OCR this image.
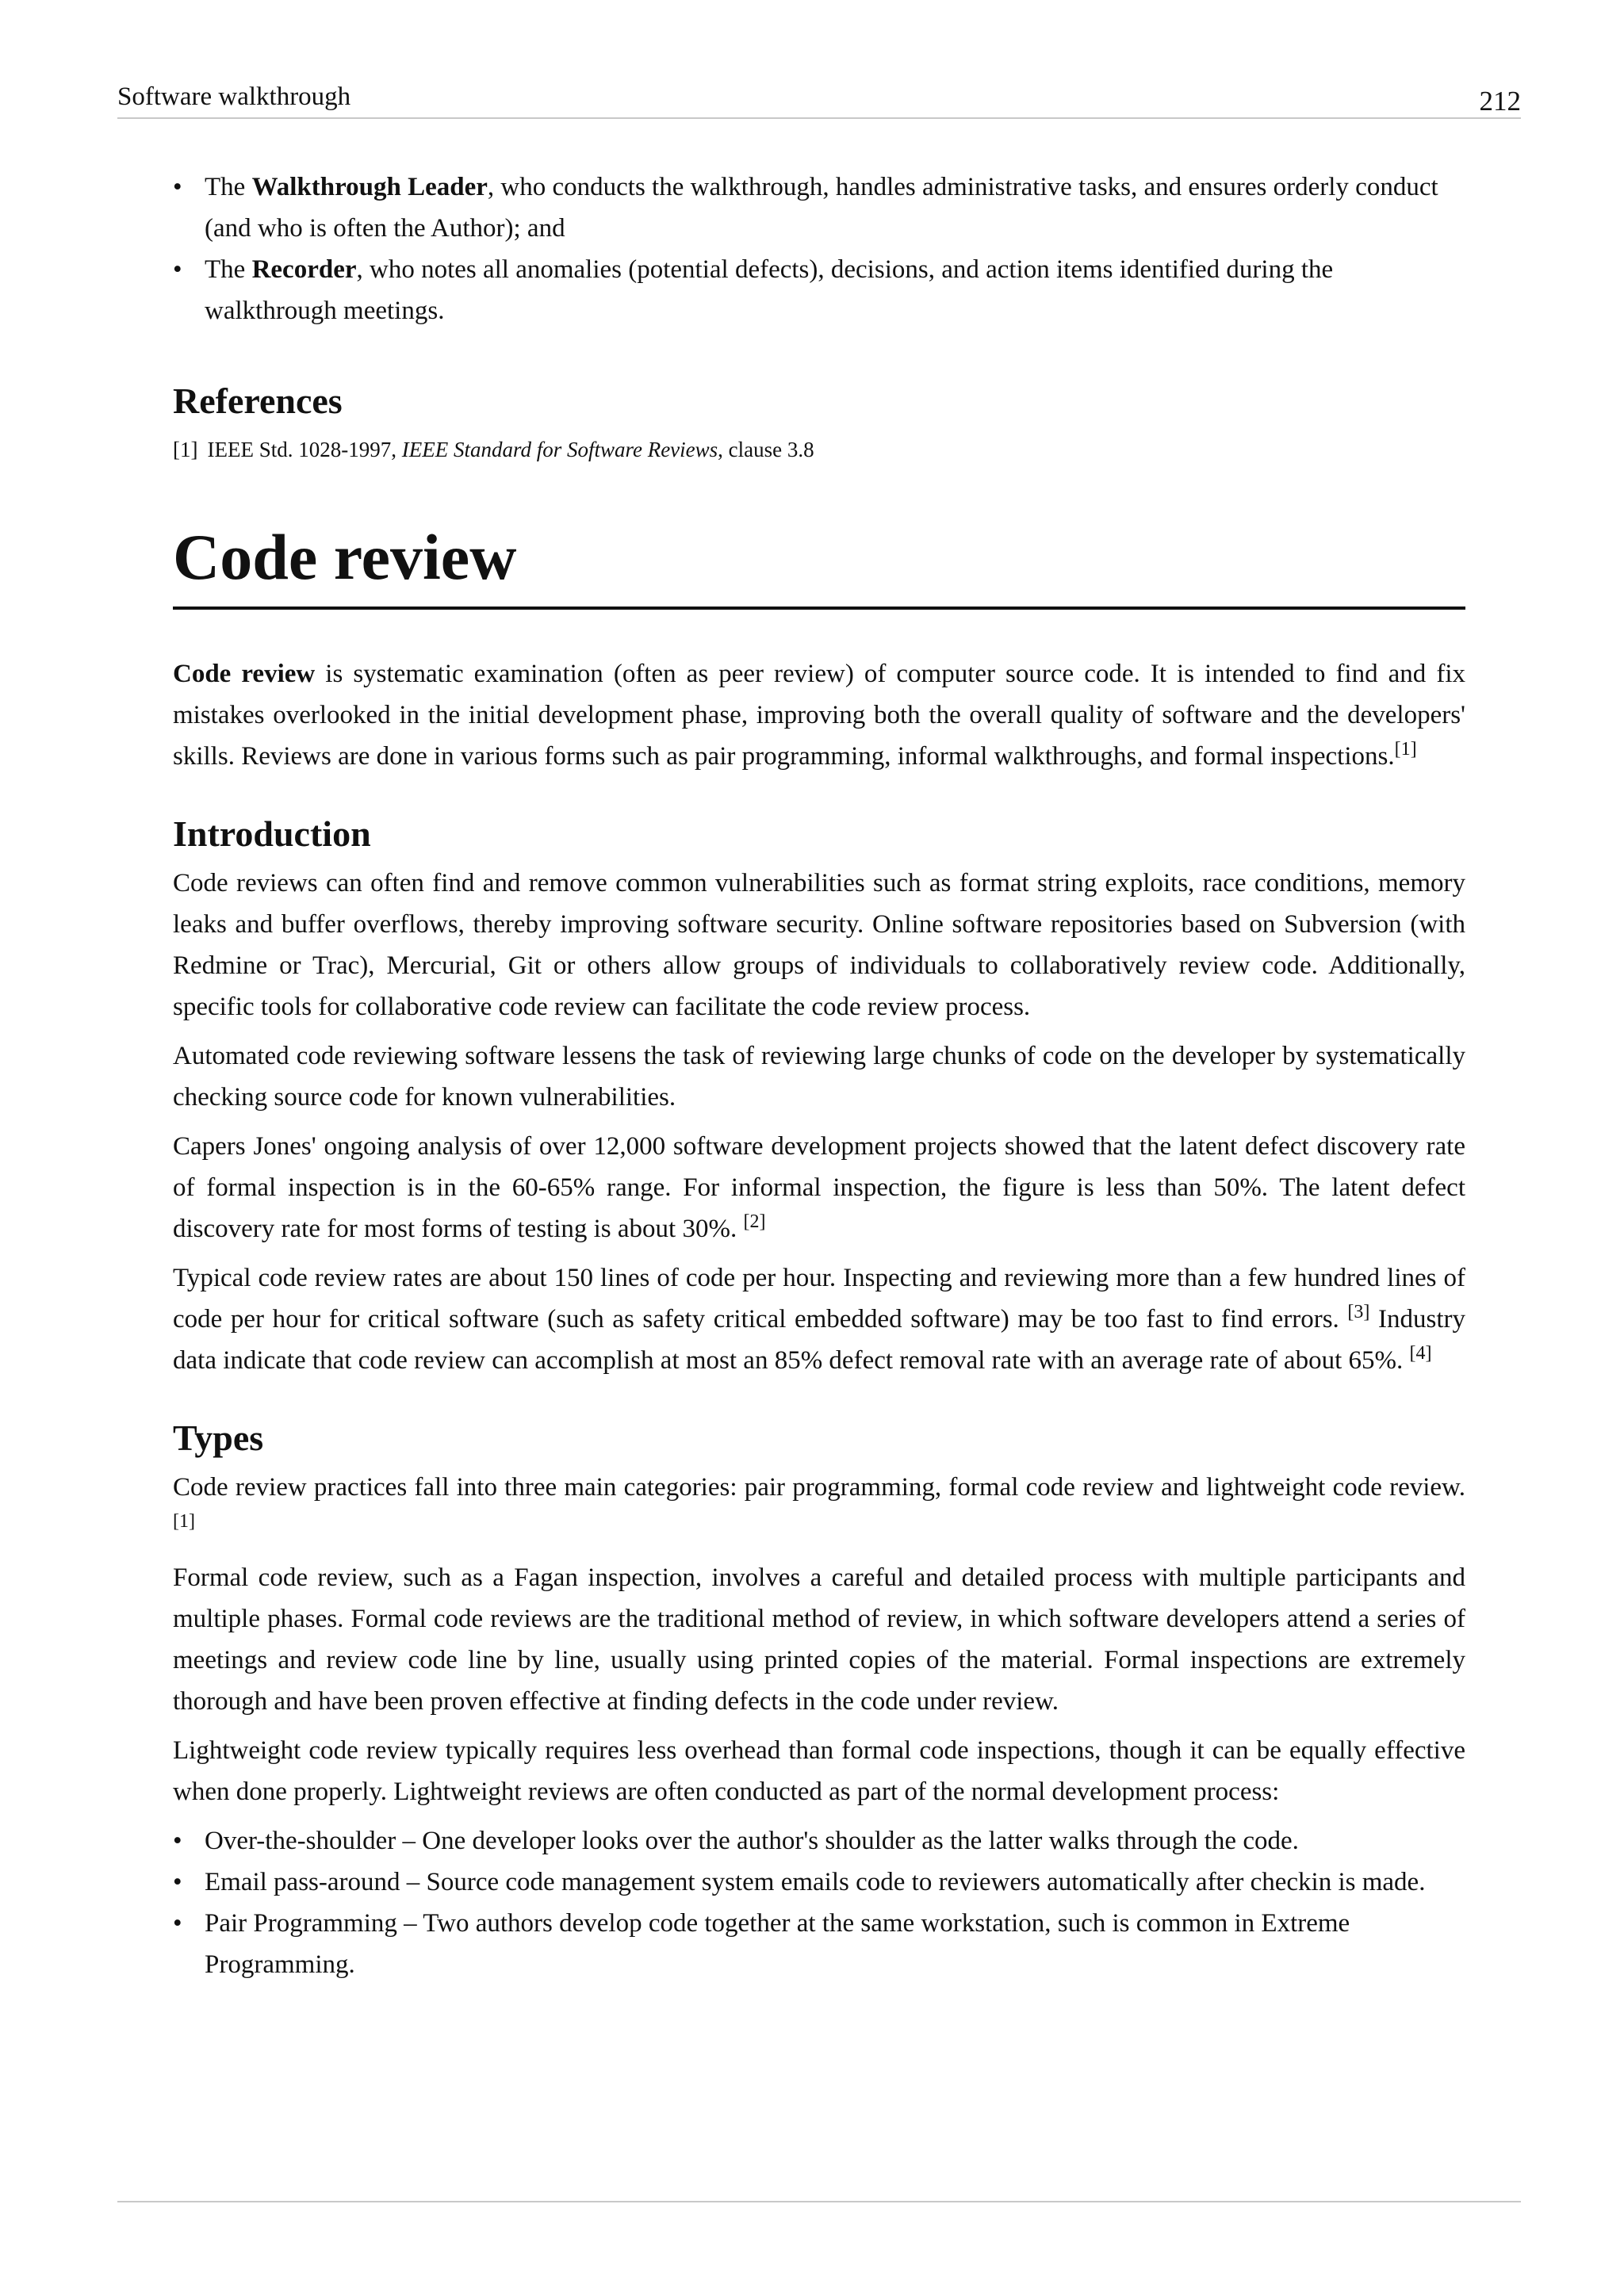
Software walkthrough	212
• The Walkthrough Leader, who conducts the walkthrough, handles administrative tasks, and ensures orderly conduct (and who is often the Author); and
• The Recorder, who notes all anomalies (potential defects), decisions, and action items identified during the walkthrough meetings.
References
[1] IEEE Std. 1028-1997, IEEE Standard for Software Reviews, clause 3.8
Code review

Code review is systematic examination (often as peer review) of computer source code. It is intended to find and fix mistakes overlooked in the initial development phase, improving both the overall quality of software and the developers' skills. Reviews are done in various forms such as pair programming, informal walkthroughs, and formal inspections.[1]

Introduction

Code reviews can often find and remove common vulnerabilities such as format string exploits, race conditions, memory leaks and buffer overflows, thereby improving software security. Online software repositories based on Subversion (with Redmine or Trac), Mercurial, Git or others allow groups of individuals to collaboratively review code. Additionally, specific tools for collaborative code review can facilitate the code review process.

Automated code reviewing software lessens the task of reviewing large chunks of code on the developer by systematically checking source code for known vulnerabilities.

Capers Jones' ongoing analysis of over 12,000 software development projects showed that the latent defect discovery rate of formal inspection is in the 60-65% range. For informal inspection, the figure is less than 50%. The latent defect discovery rate for most forms of testing is about 30%. [2]

Typical code review rates are about 150 lines of code per hour. Inspecting and reviewing more than a few hundred lines of code per hour for critical software (such as safety critical embedded software) may be too fast to find errors. [3] Industry data indicate that code review can accomplish at most an 85% defect removal rate with an average rate of about 65%. [4]

Types

Code review practices fall into three main categories: pair programming, formal code review and lightweight code review.[1]

Formal code review, such as a Fagan inspection, involves a careful and detailed process with multiple participants and multiple phases. Formal code reviews are the traditional method of review, in which software developers attend a series of meetings and review code line by line, usually using printed copies of the material. Formal inspections are extremely thorough and have been proven effective at finding defects in the code under review.

Lightweight code review typically requires less overhead than formal code inspections, though it can be equally effective when done properly. Lightweight reviews are often conducted as part of the normal development process:

• Over-the-shoulder – One developer looks over the author's shoulder as the latter walks through the code.
• Email pass-around – Source code management system emails code to reviewers automatically after checkin is made.
• Pair Programming – Two authors develop code together at the same workstation, such is common in Extreme Programming.
